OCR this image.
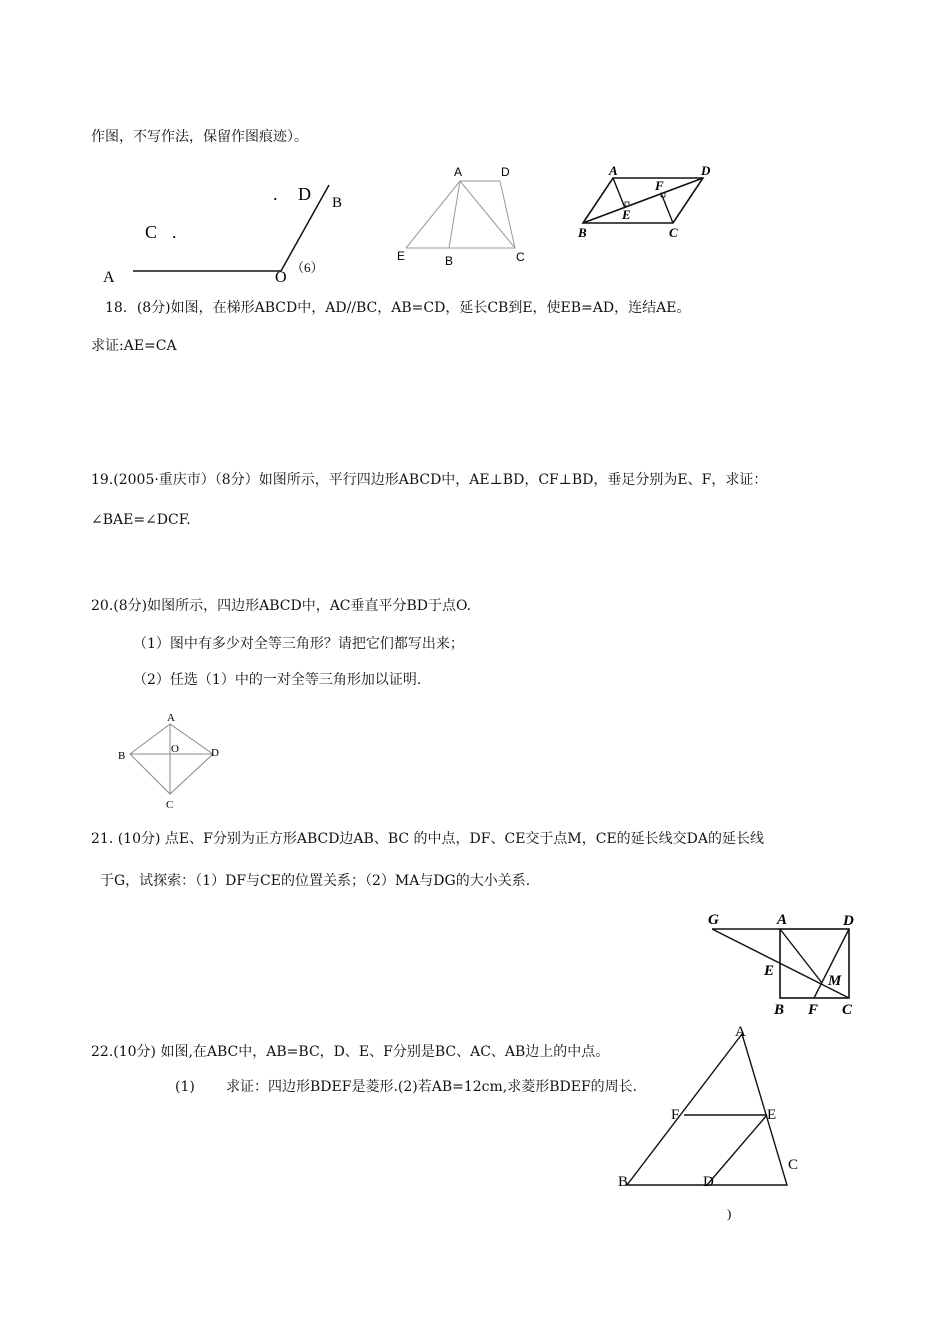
作图，不写作法，保留作图痕迹）。
18．(8分)如图，在梯形ABCD中，AD//BC，AB=CD，延长CB到E，使EB=AD，连结AE。
求证:AE=CA
19.(2005·重庆市）（8分）如图所示，平行四边形ABCD中，AE⊥BD，CF⊥BD，垂足分别为E、F，求证：
∠BAE=∠DCF.
20.(8分)如图所示，四边形ABCD中，AC垂直平分BD于点O.
（1）图中有多少对全等三角形？请把它们都写出来；
（2）任选（1）中的一对全等三角形加以证明.
21. (10分) 点E、F分别为正方形ABCD边AB、BC 的中点，DF、CE交于点M，CE的延长线交DA的延长线
于G，试探索：（1）DF与CE的位置关系；（2）MA与DG的大小关系.
22.(10分) 如图,在ABC中，AB=BC，D、E、F分别是BC、AC、AB边上的中点。
(1) 求证：四边形BDEF是菱形.(2)若AB=12cm,求菱形BDEF的周长.
A	O
C .
. D B
（6）
A	D
E	B	C
A	D
F
E
B	C
A
B
O	D
C
G	A	D
E
M
B F C
A
F	E
C
B	D
)
